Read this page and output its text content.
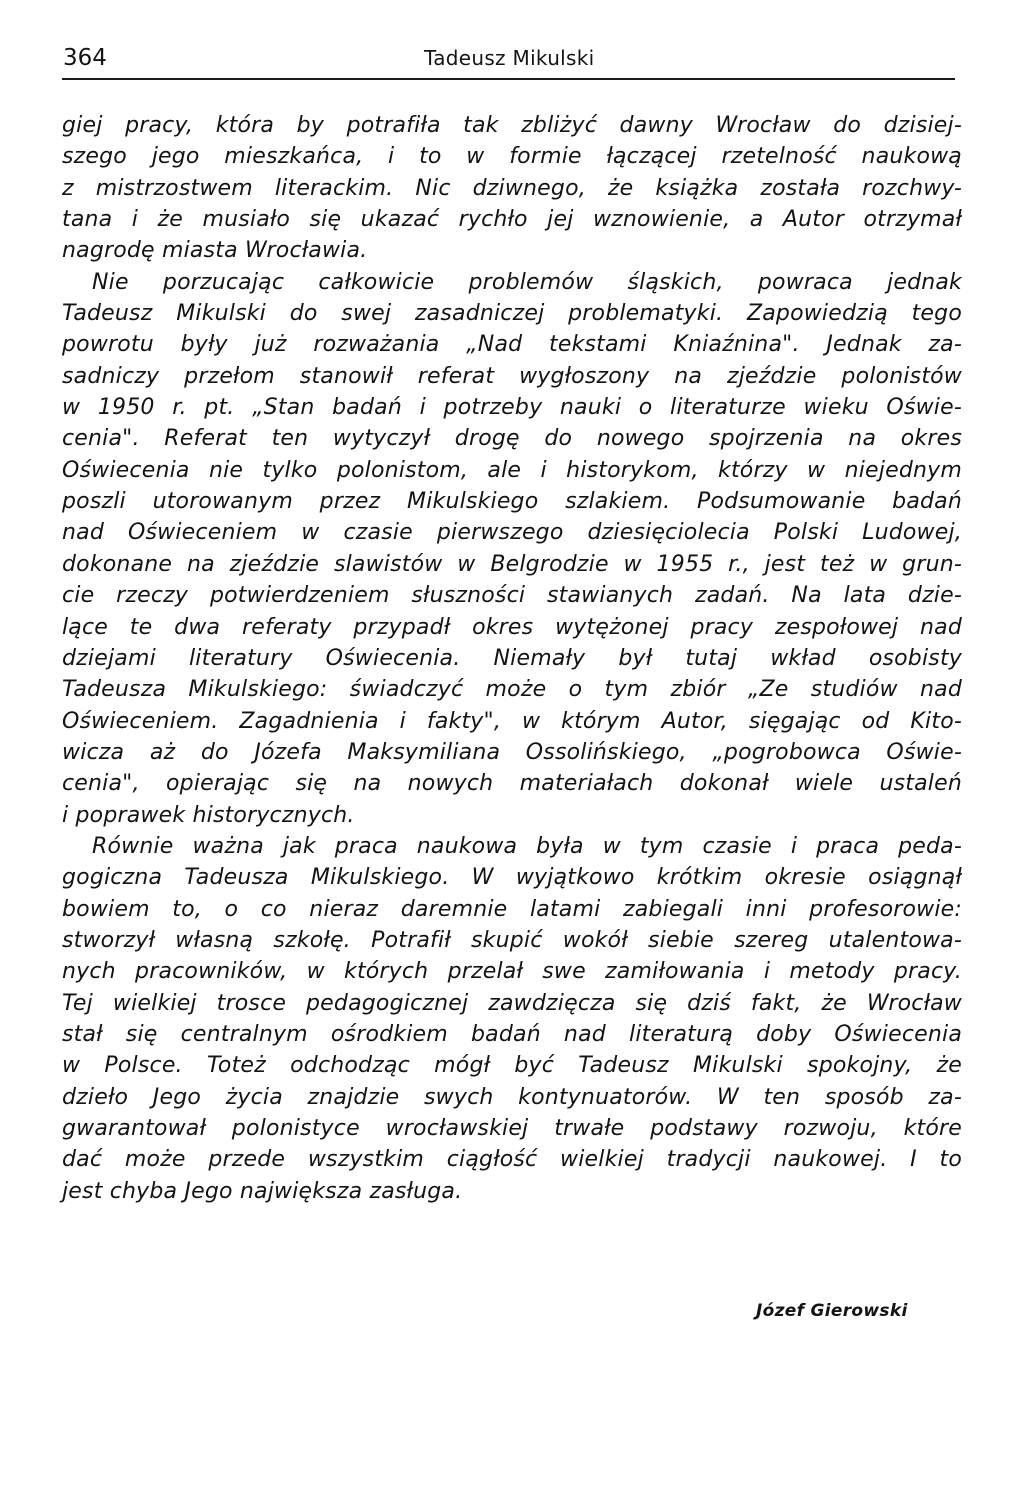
364	Tadeusz Mikulski
giej pracy, która by potrafiła tak zbliżyć dawny Wrocław do dzisiej-
szego jego mieszkańca, i to w formie łączącej rzetelność naukową
z mistrzostwem literackim. Nic dziwnego, że książka została rozchwy-
tana i że musiało się ukazać rychło jej wznowienie, a Autor otrzymał
nagrodę miasta Wrocławia.
Nie porzucając całkowicie problemów śląskich, powraca jednak
Tadeusz Mikulski do swej zasadniczej problematyki. Zapowiedzią tego
powrotu były już rozważania „Nad tekstami Kniaźnina". Jednak za-
sadniczy przełom stanowił referat wygłoszony na zjeździe polonistów
w 1950 r. pt. „Stan badań i potrzeby nauki o literaturze wieku Oświe-
cenia". Referat ten wytyczył drogę do nowego spojrzenia na okres
Oświecenia nie tylko polonistom, ale i historykom, którzy w niejednym
poszli utorowanym przez Mikulskiego szlakiem. Podsumowanie badań
nad Oświeceniem w czasie pierwszego dziesięciolecia Polski Ludowej,
dokonane na zjeździe slawistów w Belgrodzie w 1955 r., jest też w grun-
cie rzeczy potwierdzeniem słuszności stawianych zadań. Na lata dzie-
lące te dwa referaty przypadł okres wytężonej pracy zespołowej nad
dziejami literatury Oświecenia. Niemały był tutaj wkład osobisty
Tadeusza Mikulskiego: świadczyć może o tym zbiór „Ze studiów nad
Oświeceniem. Zagadnienia i fakty", w którym Autor, sięgając od Kito-
wicza aż do Józefa Maksymiliana Ossolińskiego, „pogrobowca Oświe-
cenia", opierając się na nowych materiałach dokonał wiele ustaleń
i poprawek historycznych.
Równie ważna jak praca naukowa była w tym czasie i praca peda-
gogiczna Tadeusza Mikulskiego. W wyjątkowo krótkim okresie osiągnął
bowiem to, o co nieraz daremnie latami zabiegali inni profesorowie:
stworzył własną szkołę. Potrafił skupić wokół siebie szereg utalentowa-
nych pracowników, w których przelał swe zamiłowania i metody pracy.
Tej wielkiej trosce pedagogicznej zawdzięcza się dziś fakt, że Wrocław
stał się centralnym ośrodkiem badań nad literaturą doby Oświecenia
w Polsce. Toteż odchodząc mógł być Tadeusz Mikulski spokojny, że
dzieło Jego życia znajdzie swych kontynuatorów. W ten sposób za-
gwarantował polonistyce wrocławskiej trwałe podstawy rozwoju, które
dać może przede wszystkim ciągłość wielkiej tradycji naukowej. I to
jest chyba Jego największa zasługa.
Józef Gierowski
